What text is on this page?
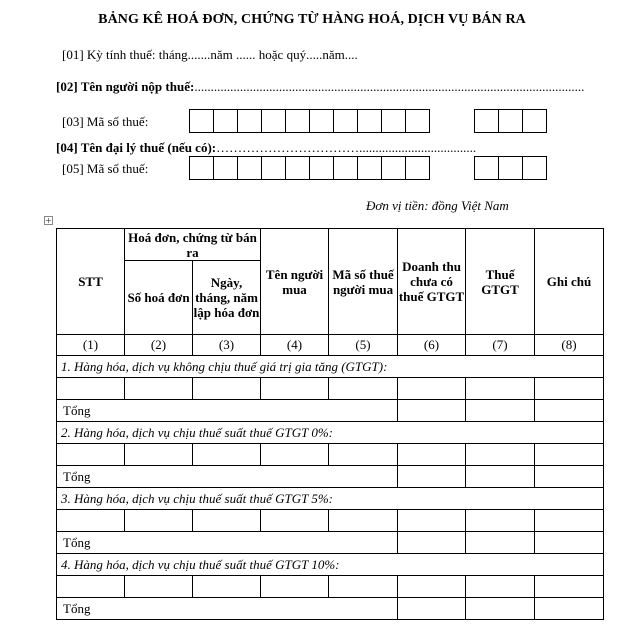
BẢNG KÊ HOÁ ĐƠN, CHỨNG TỪ HÀNG HOÁ, DỊCH VỤ BÁN RA
[01] Kỳ tính thuế: tháng.......năm ...... hoặc quý.....năm....
[02] Tên người nộp thuế:........................................................................................................................
[03] Mã số thuế:
[04] Tên đại lý thuế (nếu có):……………………………....................................
[05] Mã số thuế:
Đơn vị tiền: đồng Việt Nam
+
STT	Hoá đơn, chứng từ bán ra		Tên người mua	Mã số thuế người mua	Doanh thu chưa có thuế GTGT	Thuế GTGT	Ghi chú
	Số hoá đơn	Ngày, tháng, năm lập hóa đơn					
(1)	(2)	(3)	(4)	(5)	(6)	(7)	(8)
1. Hàng hóa, dịch vụ không chịu thuế giá trị gia tăng (GTGT):							

Tổng							
2. Hàng hóa, dịch vụ chịu thuế suất thuế GTGT 0%:							

Tổng							
3. Hàng hóa, dịch vụ chịu thuế suất thuế GTGT 5%:							

Tổng							
4. Hàng hóa, dịch vụ chịu thuế suất thuế GTGT 10%:							

Tổng							
